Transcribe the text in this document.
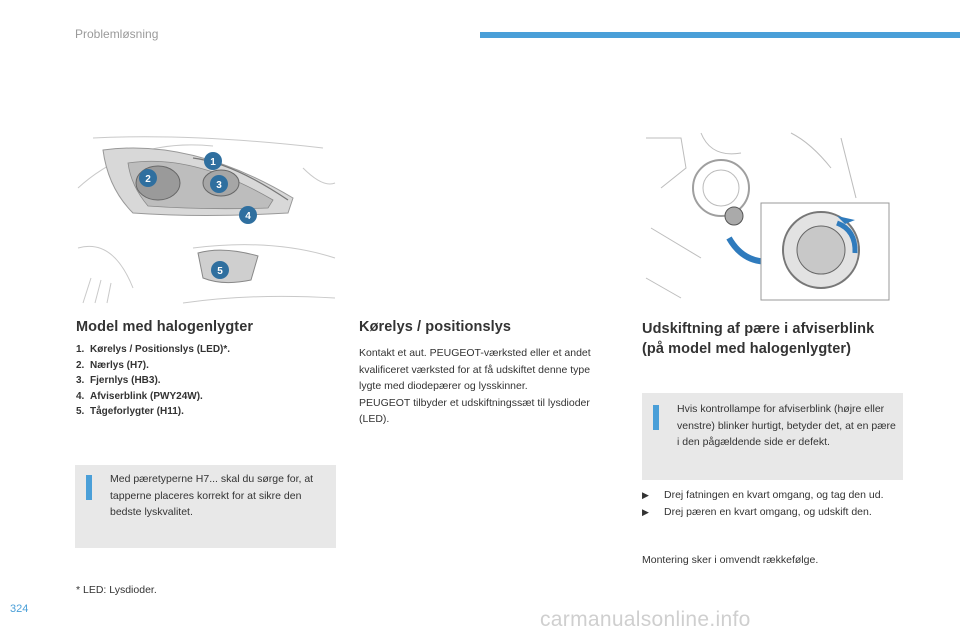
Problemløsning
1
2
3
4
5
Model med halogenlygter
1. Kørelys / Positionslys (LED)*.
2. Nærlys (H7).
3. Fjernlys (HB3).
4. Afviserblink (PWY24W).
5. Tågeforlygter (H11).
Med pæretyperne H7... skal du sørge for, at tapperne placeres korrekt for at sikre den bedste lyskvalitet.
* LED: Lysdioder.
Kørelys / positionslys
Kontakt et aut. PEUGEOT-værksted eller et andet kvalificeret værksted for at få udskiftet denne type lygte med diodepærer og lysskinner.
PEUGEOT tilbyder et udskiftningssæt til lysdioder (LED).
Udskiftning af pære i afviserblink
(på model med halogenlygter)
Hvis kontrollampe for afviserblink (højre eller venstre) blinker hurtigt, betyder det, at en pære i den pågældende side er defekt.
▶ Drej fatningen en kvart omgang, og tag den ud.
▶ Drej pæren en kvart omgang, og udskift den.
Montering sker i omvendt rækkefølge.
324	carmanualsonline.info
